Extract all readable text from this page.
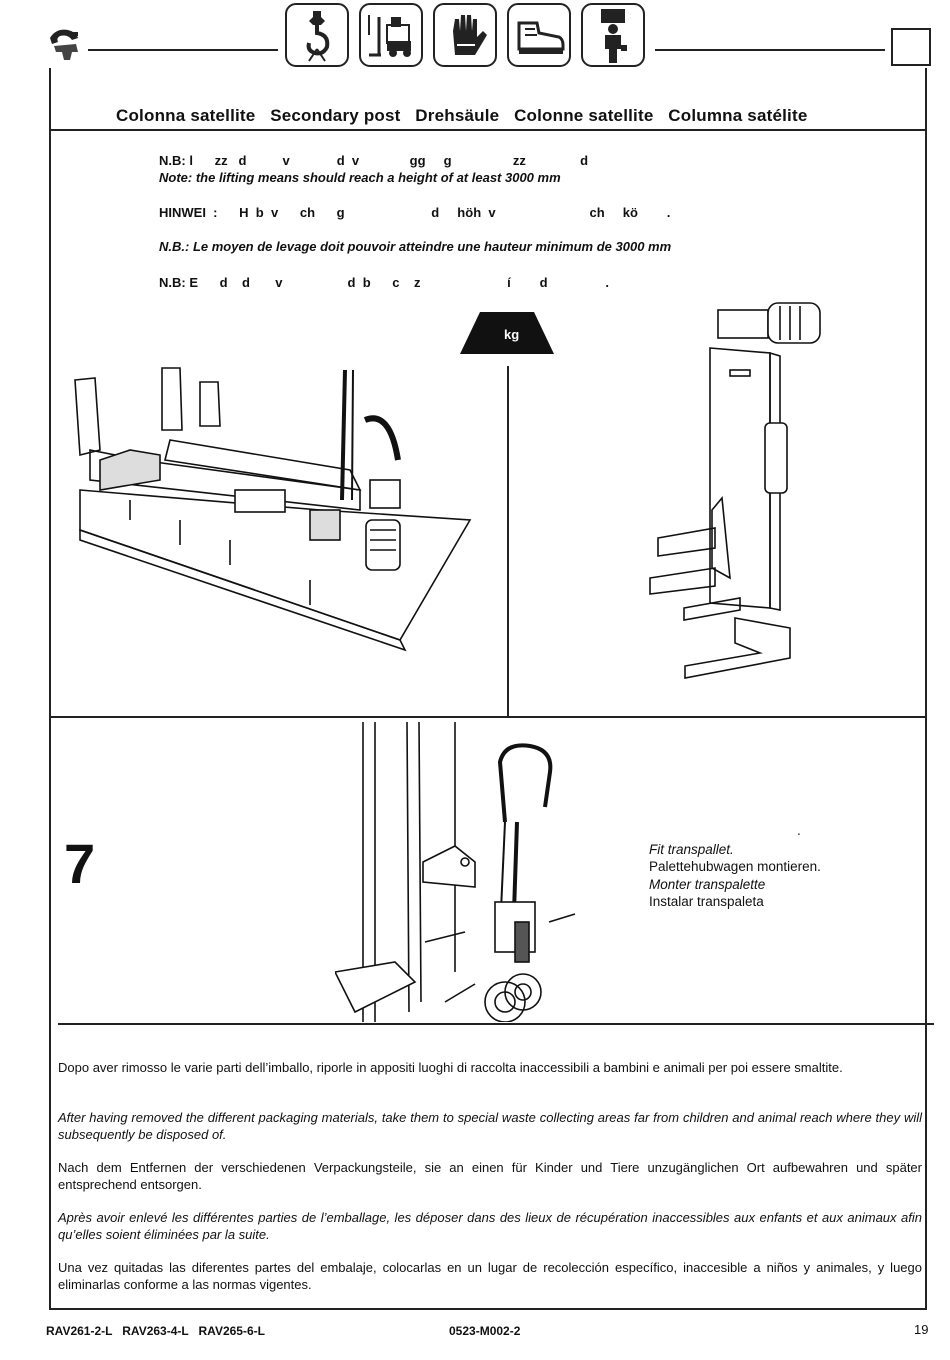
Colonna satellite   Secondary post   Drehsäule   Colonne satellite   Columna satélite
N.B: l      zz   d          v             d  v              gg     g                 zz               d
Note: the lifting means should reach a height of at least 3000 mm
HINWEI  :      H  b  v      ch      g                        d     höh  v                          ch     kö        .
N.B.: Le moyen de levage doit pouvoir atteindre une hauteur minimum de 3000 mm
N.B: E      d    d       v                  d  b      c    z                        í        d                .
kg
7
.
Fit transpallet.
Palettehubwagen montieren.
Monter transpalette
Instalar transpaleta
Dopo aver rimosso le varie parti dell’imballo, riporle in appositi luoghi di raccolta inaccessibili a bambini e animali per poi essere smaltite.
After having removed the different packaging materials, take them to special waste collecting areas far from children and animal reach where they will subsequently be disposed of.
Nach dem Entfernen der verschiedenen Verpackungsteile, sie an einen für Kinder und Tiere unzugänglichen Ort aufbewahren und später entsprechend entsorgen.
Après avoir enlevé les différentes parties de l’emballage, les déposer dans des lieux de récupération inaccessibles aux enfants et aux animaux afin qu’elles soient éliminées par la suite.
Una vez quitadas las diferentes partes del embalaje, colocarlas en un lugar de recolección específico, inaccesible a niños y animales, y luego eliminarlas conforme a las normas vigentes.
RAV261-2-L   RAV263-4-L   RAV265-6-L	0523-M002-2	19
